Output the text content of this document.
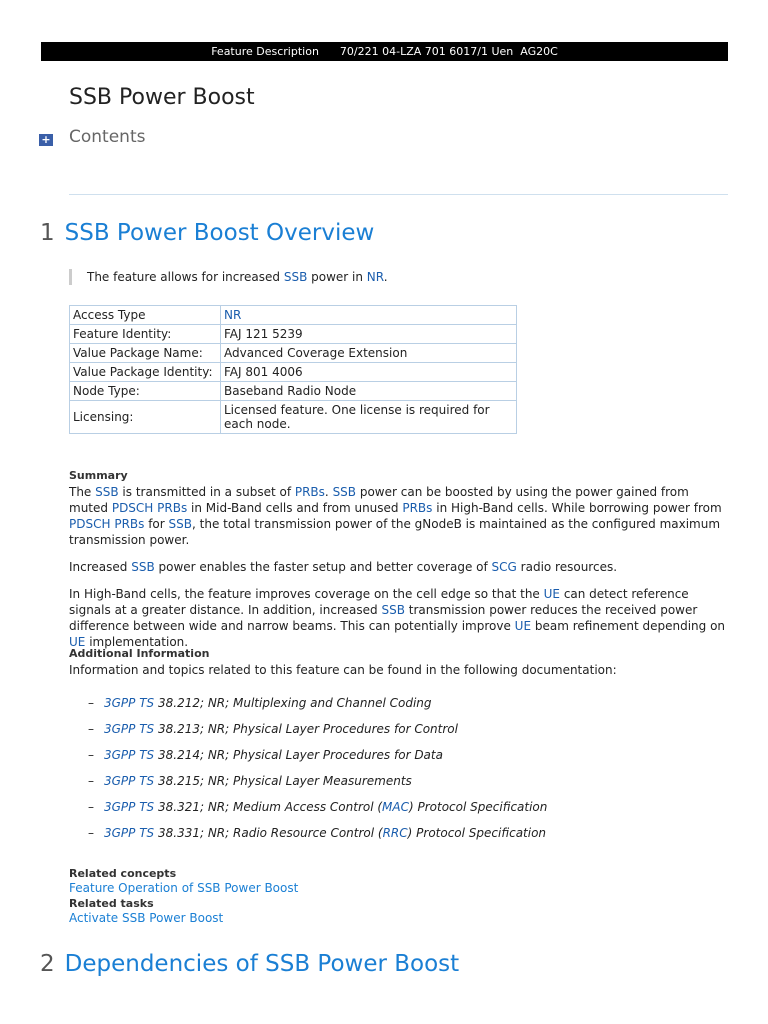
Feature Description 70/221 04-LZA 701 6017/1 Uen AG20C
SSB Power Boost
+ Contents
1 SSB Power Boost Overview
The feature allows for increased SSB power in NR.
Access Type	NR
Feature Identity:	FAJ 121 5239
Value Package Name:	Advanced Coverage Extension
Value Package Identity:	FAJ 801 4006
Node Type:	Baseband Radio Node
Licensing:	Licensed feature. One license is required for each node.

Summary

The SSB is transmitted in a subset of PRBs. SSB power can be boosted by using the power gained from muted PDSCH PRBs in Mid-Band cells and from unused PRBs in High-Band cells. While borrowing power from PDSCH PRBs for SSB, the total transmission power of the gNodeB is maintained as the configured maximum transmission power.

Increased SSB power enables the faster setup and better coverage of SCG radio resources.

In High-Band cells, the feature improves coverage on the cell edge so that the UE can detect reference signals at a greater distance. In addition, increased SSB transmission power reduces the received power difference between wide and narrow beams. This can potentially improve UE beam refinement depending on UE implementation.

Additional Information

Information and topics related to this feature can be found in the following documentation:

– 3GPP TS 38.212; NR; Multiplexing and Channel Coding
– 3GPP TS 38.213; NR; Physical Layer Procedures for Control
– 3GPP TS 38.214; NR; Physical Layer Procedures for Data
– 3GPP TS 38.215; NR; Physical Layer Measurements
– 3GPP TS 38.321; NR; Medium Access Control (MAC) Protocol Specification
– 3GPP TS 38.331; NR; Radio Resource Control (RRC) Protocol Specification
Related concepts
Feature Operation of SSB Power Boost
Related tasks
Activate SSB Power Boost
2 Dependencies of SSB Power Boost
